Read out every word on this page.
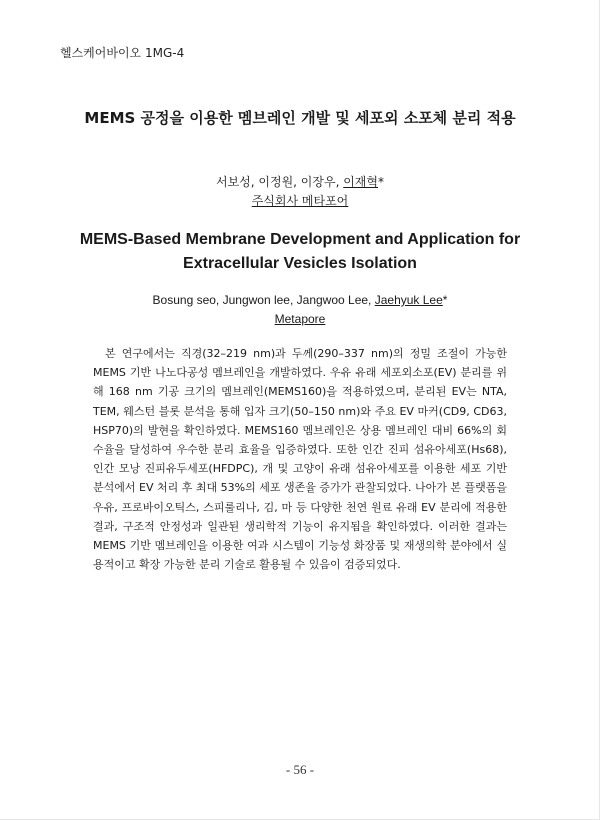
헬스케어바이오 1MG-4
MEMS 공정을 이용한 멤브레인 개발 및 세포외 소포체 분리 적용
서보성, 이정원, 이장우, 이재혁*
주식회사 메타포어
MEMS-Based Membrane Development and Application for Extracellular Vesicles Isolation
Bosung seo, Jungwon lee, Jangwoo Lee, Jaehyuk Lee*
Metapore

본 연구에서는 직경(32–219 nm)과 두께(290–337 nm)의 정밀 조절이 가능한 MEMS 기반 나노다공성 멤브레인을 개발하였다. 우유 유래 세포외소포(EV) 분리를 위해 168 nm 기공 크기의 멤브레인(MEMS160)을 적용하였으며, 분리된 EV는 NTA, TEM, 웨스턴 블롯 분석을 통해 입자 크기(50–150 nm)와 주요 EV 마커(CD9, CD63, HSP70)의 발현을 확인하였다. MEMS160 멤브레인은 상용 멤브레인 대비 66%의 회수율을 달성하여 우수한 분리 효율을 입증하였다. 또한 인간 진피 섬유아세포(Hs68), 인간 모낭 진피유두세포(HFDPC), 개 및 고양이 유래 섬유아세포를 이용한 세포 기반 분석에서 EV 처리 후 최대 53%의 세포 생존율 증가가 관찰되었다. 나아가 본 플랫폼을 우유, 프로바이오틱스, 스피룰리나, 김, 마 등 다양한 천연 원료 유래 EV 분리에 적용한 결과, 구조적 안정성과 일관된 생리학적 기능이 유지됨을 확인하였다. 이러한 결과는 MEMS 기반 멤브레인을 이용한 여과 시스템이 기능성 화장품 및 재생의학 분야에서 실용적이고 확장 가능한 분리 기술로 활용될 수 있음이 검증되었다.

- 56 -
